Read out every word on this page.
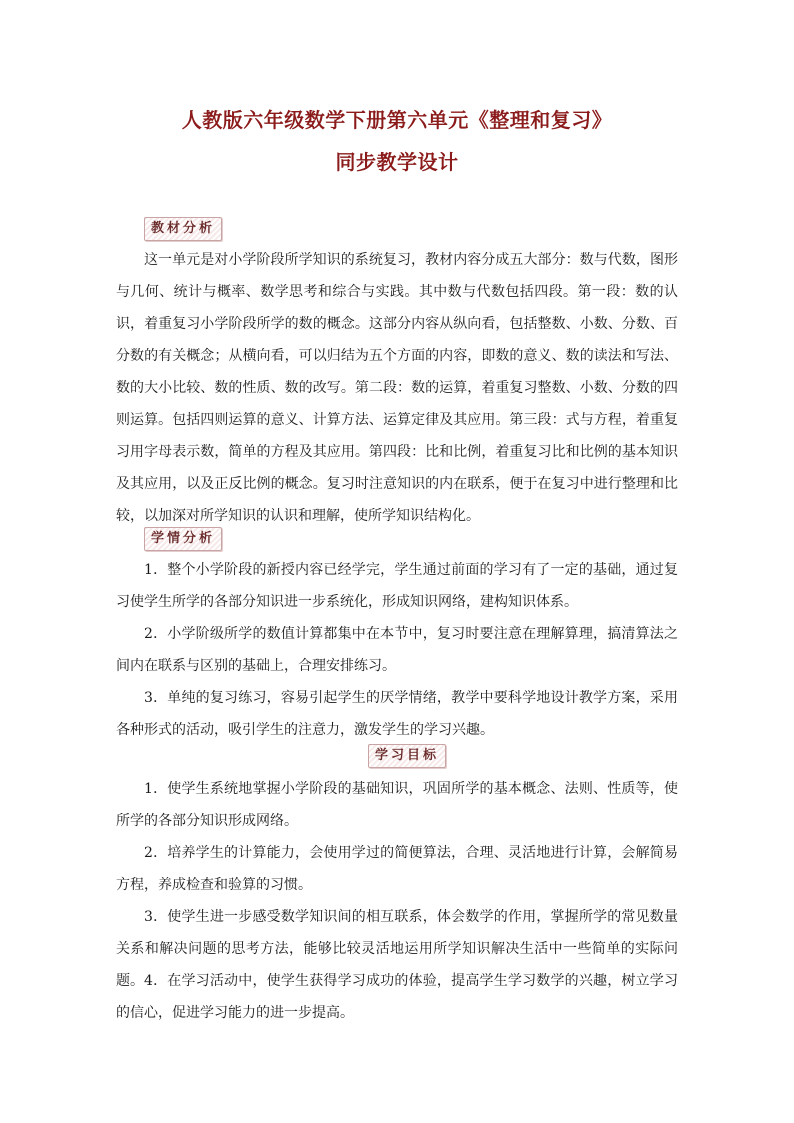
人教版六年级数学下册第六单元《整理和复习》
同步教学设计
教材分析

这一单元是对小学阶段所学知识的系统复习，教材内容分成五大部分：数与代数，图形与几何、统计与概率、数学思考和综合与实践。其中数与代数包括四段。第一段：数的认识，着重复习小学阶段所学的数的概念。这部分内容从纵向看，包括整数、小数、分数、百分数的有关概念；从横向看，可以归结为五个方面的内容，即数的意义、数的读法和写法、数的大小比较、数的性质、数的改写。第二段：数的运算，着重复习整数、小数、分数的四则运算。包括四则运算的意义、计算方法、运算定律及其应用。第三段：式与方程，着重复习用字母表示数，简单的方程及其应用。第四段：比和比例，着重复习比和比例的基本知识及其应用，以及正反比例的概念。复习时注意知识的内在联系，便于在复习中进行整理和比较，以加深对所学知识的认识和理解，使所学知识结构化。

学情分析

1．整个小学阶段的新授内容已经学完，学生通过前面的学习有了一定的基础，通过复习使学生所学的各部分知识进一步系统化，形成知识网络，建构知识体系。

2．小学阶级所学的数值计算都集中在本节中，复习时要注意在理解算理，搞清算法之间内在联系与区别的基础上，合理安排练习。

3．单纯的复习练习，容易引起学生的厌学情绪，教学中要科学地设计教学方案，采用各种形式的活动，吸引学生的注意力，激发学生的学习兴趣。

学习目标

1．使学生系统地掌握小学阶段的基础知识，巩固所学的基本概念、法则、性质等，使所学的各部分知识形成网络。

2．培养学生的计算能力，会使用学过的简便算法，合理、灵活地进行计算，会解简易方程，养成检查和验算的习惯。

3．使学生进一步感受数学知识间的相互联系，体会数学的作用，掌握所学的常见数量关系和解决问题的思考方法，能够比较灵活地运用所学知识解决生活中一些简单的实际问题。 4．在学习活动中，使学生获得学习成功的体验，提高学生学习数学的兴趣，树立学习的信心，促进学习能力的进一步提高。
